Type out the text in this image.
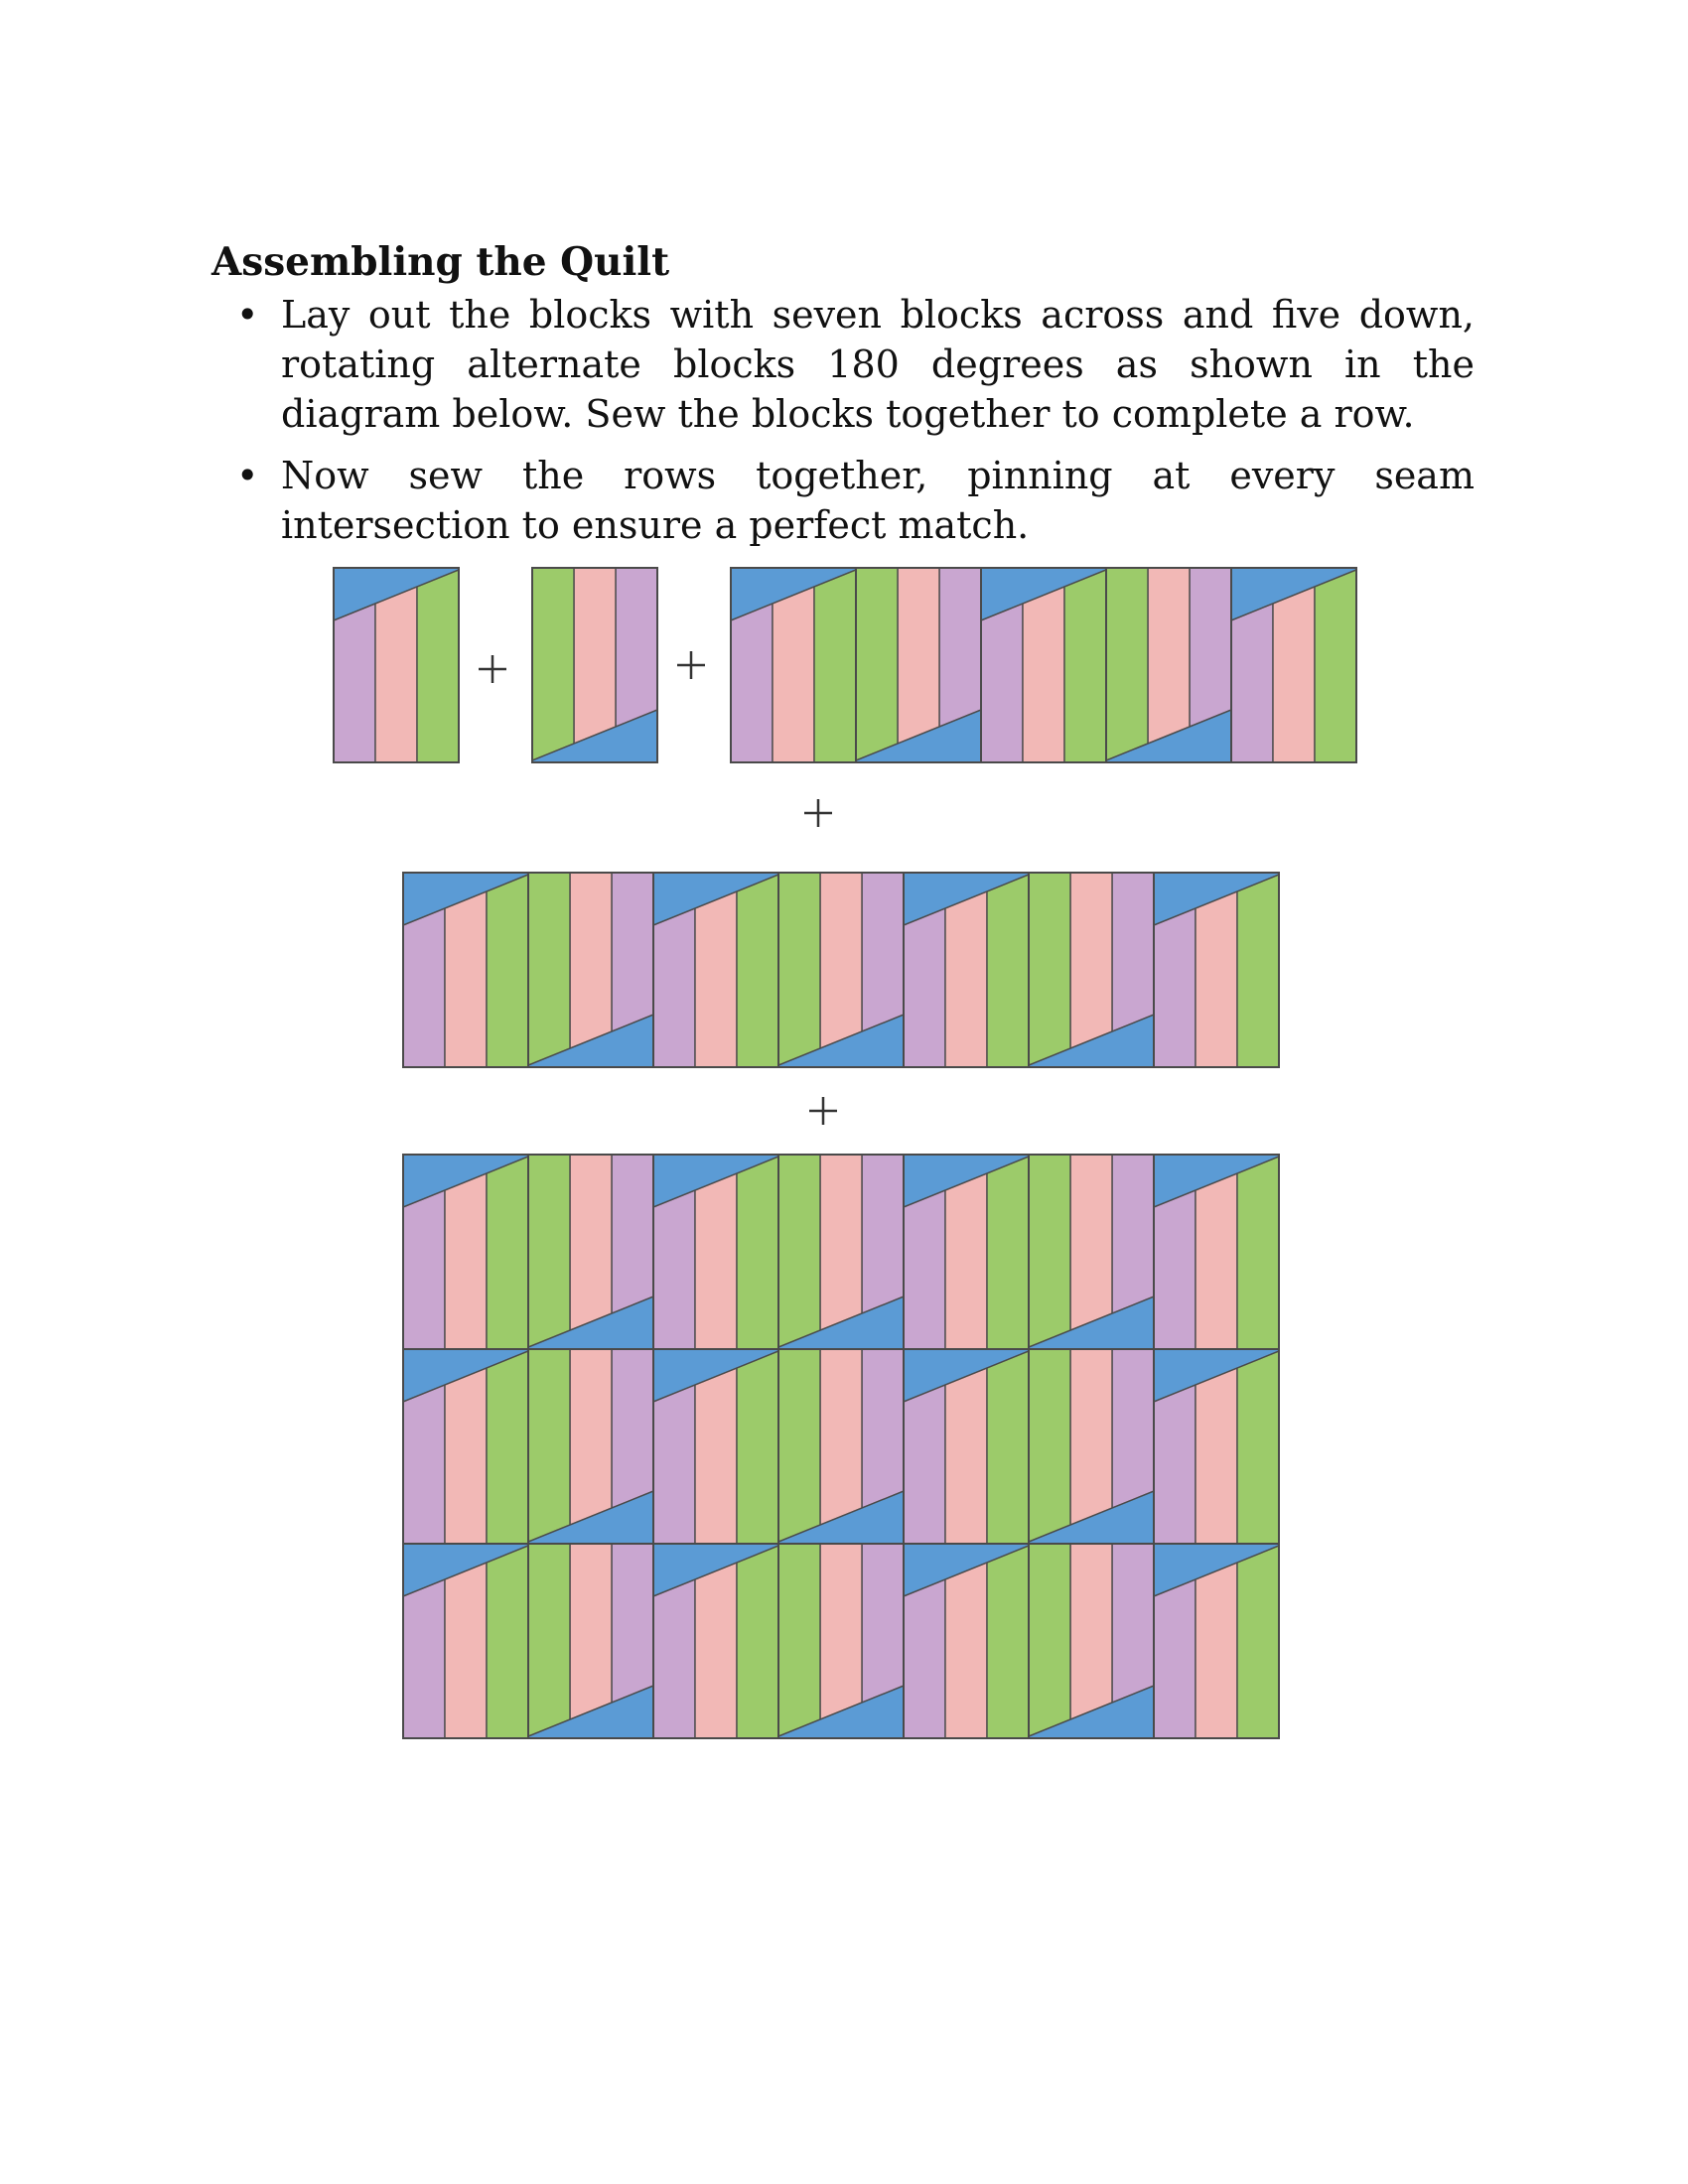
Assembling the Quilt
• Lay out the blocks with seven blocks across and five down, rotating alternate blocks 180 degrees as shown in the diagram below. Sew the blocks together to complete a row.
• Now sew the rows together, pinning at every seam intersection to ensure a perfect match.
